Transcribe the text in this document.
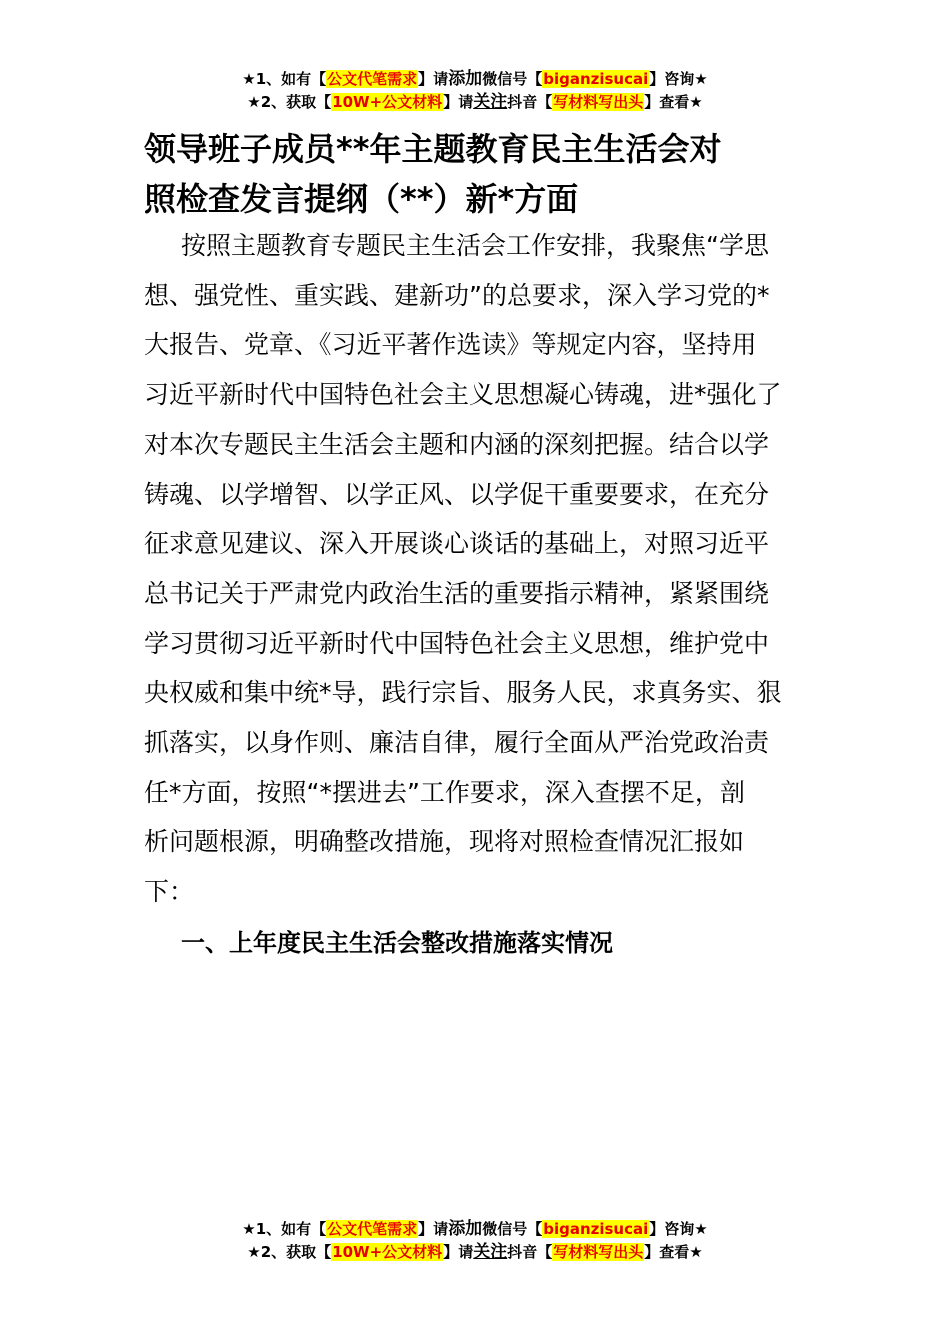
★1、如有【公文代笔需求】请添加微信号【biganzisucai】咨询★
★2、获取【10W+公文材料】请关注抖音【写材料写出头】查看★
领导班子成员**年主题教育民主生活会对
照检查发言提纲（**）新*方面
按照主题教育专题民主生活会工作安排，我聚焦“学思
想、强党性、重实践、建新功”的总要求，深入学习党的*
大报告、党章、《习近平著作选读》等规定内容，坚持用
习近平新时代中国特色社会主义思想凝心铸魂，进*强化了
对本次专题民主生活会主题和内涵的深刻把握。结合以学
铸魂、以学增智、以学正风、以学促干重要要求，在充分
征求意见建议、深入开展谈心谈话的基础上，对照习近平
总书记关于严肃党内政治生活的重要指示精神，紧紧围绕
学习贯彻习近平新时代中国特色社会主义思想，维护党中
央权威和集中统*导，践行宗旨、服务人民，求真务实、狠
抓落实，以身作则、廉洁自律，履行全面从严治党政治责
任*方面，按照“*摆进去”工作要求，深入查摆不足，剖
析问题根源，明确整改措施，现将对照检查情况汇报如
下：
一、上年度民主生活会整改措施落实情况
★1、如有【公文代笔需求】请添加微信号【biganzisucai】咨询★
★2、获取【10W+公文材料】请关注抖音【写材料写出头】查看★
